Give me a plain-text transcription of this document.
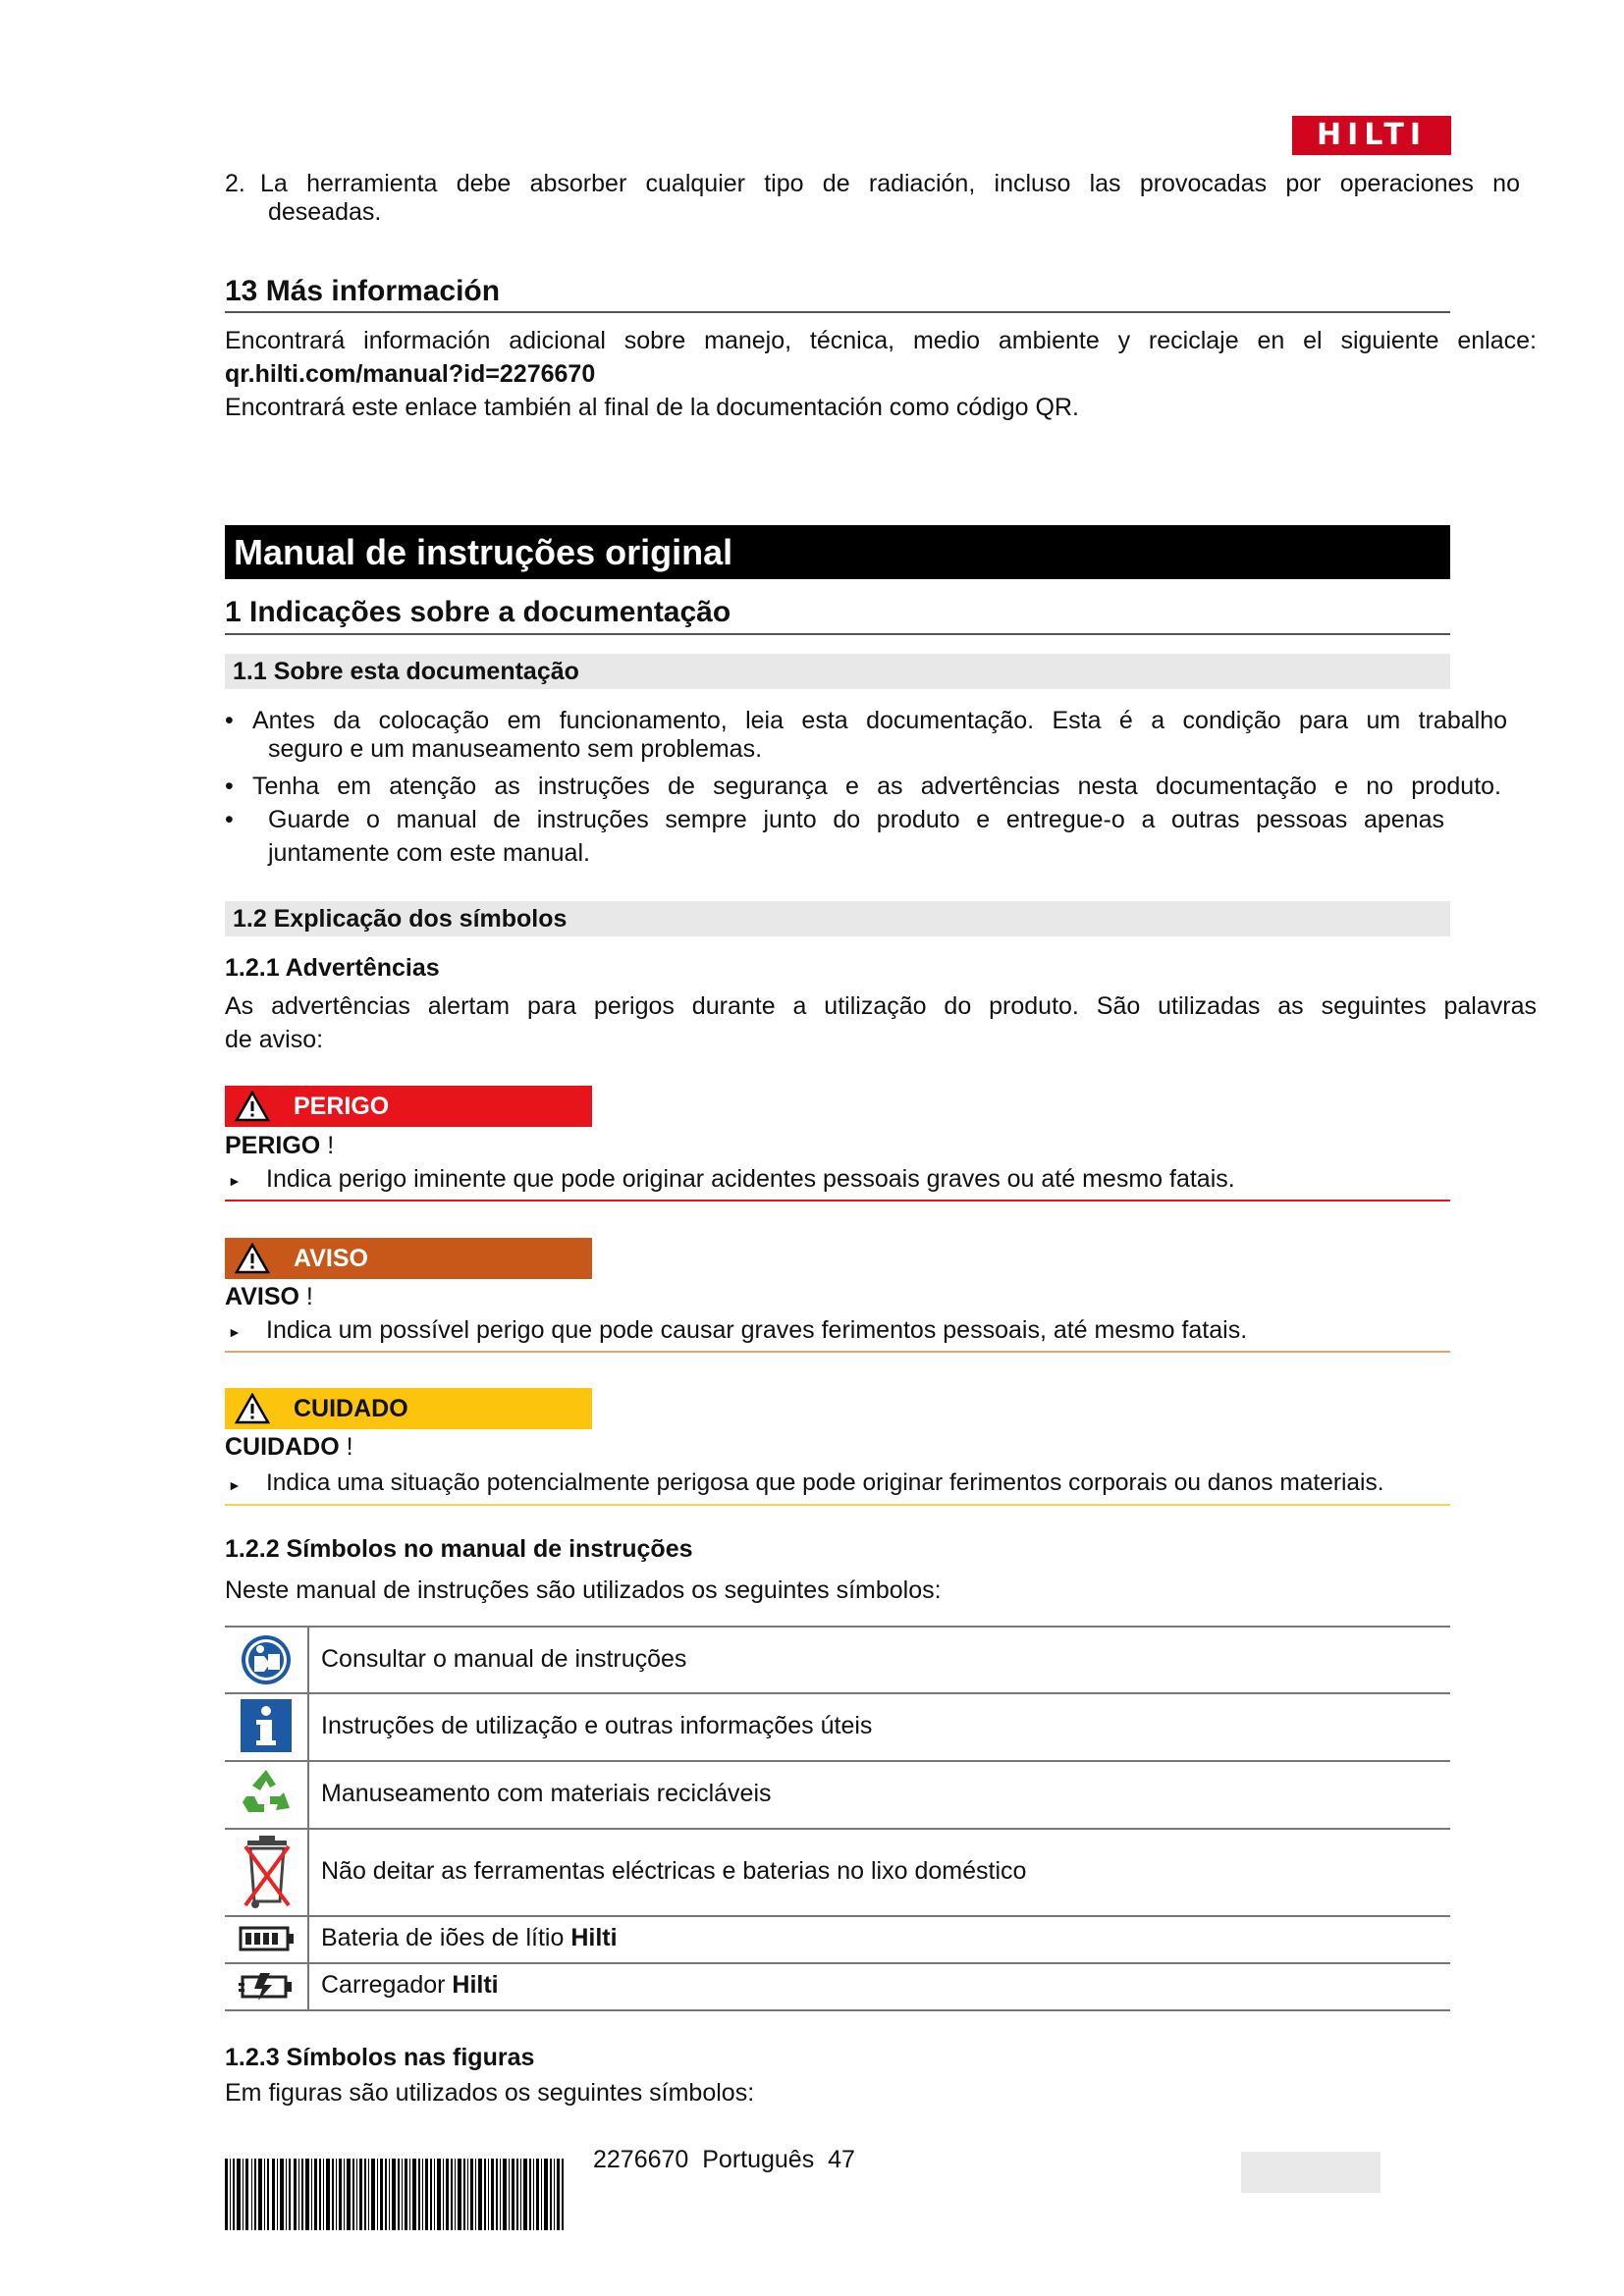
HILTI
2. La herramienta debe absorber cualquier tipo de radiación, incluso las provocadas por operaciones no
deseadas.
13 Más información
Encontrará información adicional sobre manejo, técnica, medio ambiente y reciclaje en el siguiente enlace:
qr.hilti.com/manual?id=2276670
Encontrará este enlace también al final de la documentación como código QR.
Manual de instruções original
1 Indicações sobre a documentação
1.1 Sobre esta documentação
• Antes da colocação em funcionamento, leia esta documentação. Esta é a condição para um trabalho
seguro e um manuseamento sem problemas.
• Tenha em atenção as instruções de segurança e as advertências nesta documentação e no produto.
• Guarde o manual de instruções sempre junto do produto e entregue-o a outras pessoas apenas
juntamente com este manual.
1.2 Explicação dos símbolos
1.2.1 Advertências
As advertências alertam para perigos durante a utilização do produto. São utilizadas as seguintes palavras
de aviso:
PERIGO
PERIGO !
► Indica perigo iminente que pode originar acidentes pessoais graves ou até mesmo fatais.
AVISO
AVISO !
► Indica um possível perigo que pode causar graves ferimentos pessoais, até mesmo fatais.
CUIDADO
CUIDADO !
► Indica uma situação potencialmente perigosa que pode originar ferimentos corporais ou danos materiais.
1.2.2 Símbolos no manual de instruções
Neste manual de instruções são utilizados os seguintes símbolos:
Consultar o manual de instruções
Instruções de utilização e outras informações úteis
Manuseamento com materiais recicláveis
Não deitar as ferramentas eléctricas e baterias no lixo doméstico
Bateria de iões de lítio Hilti
Carregador Hilti
1.2.3 Símbolos nas figuras
Em figuras são utilizados os seguintes símbolos:
2276670 Português 47
